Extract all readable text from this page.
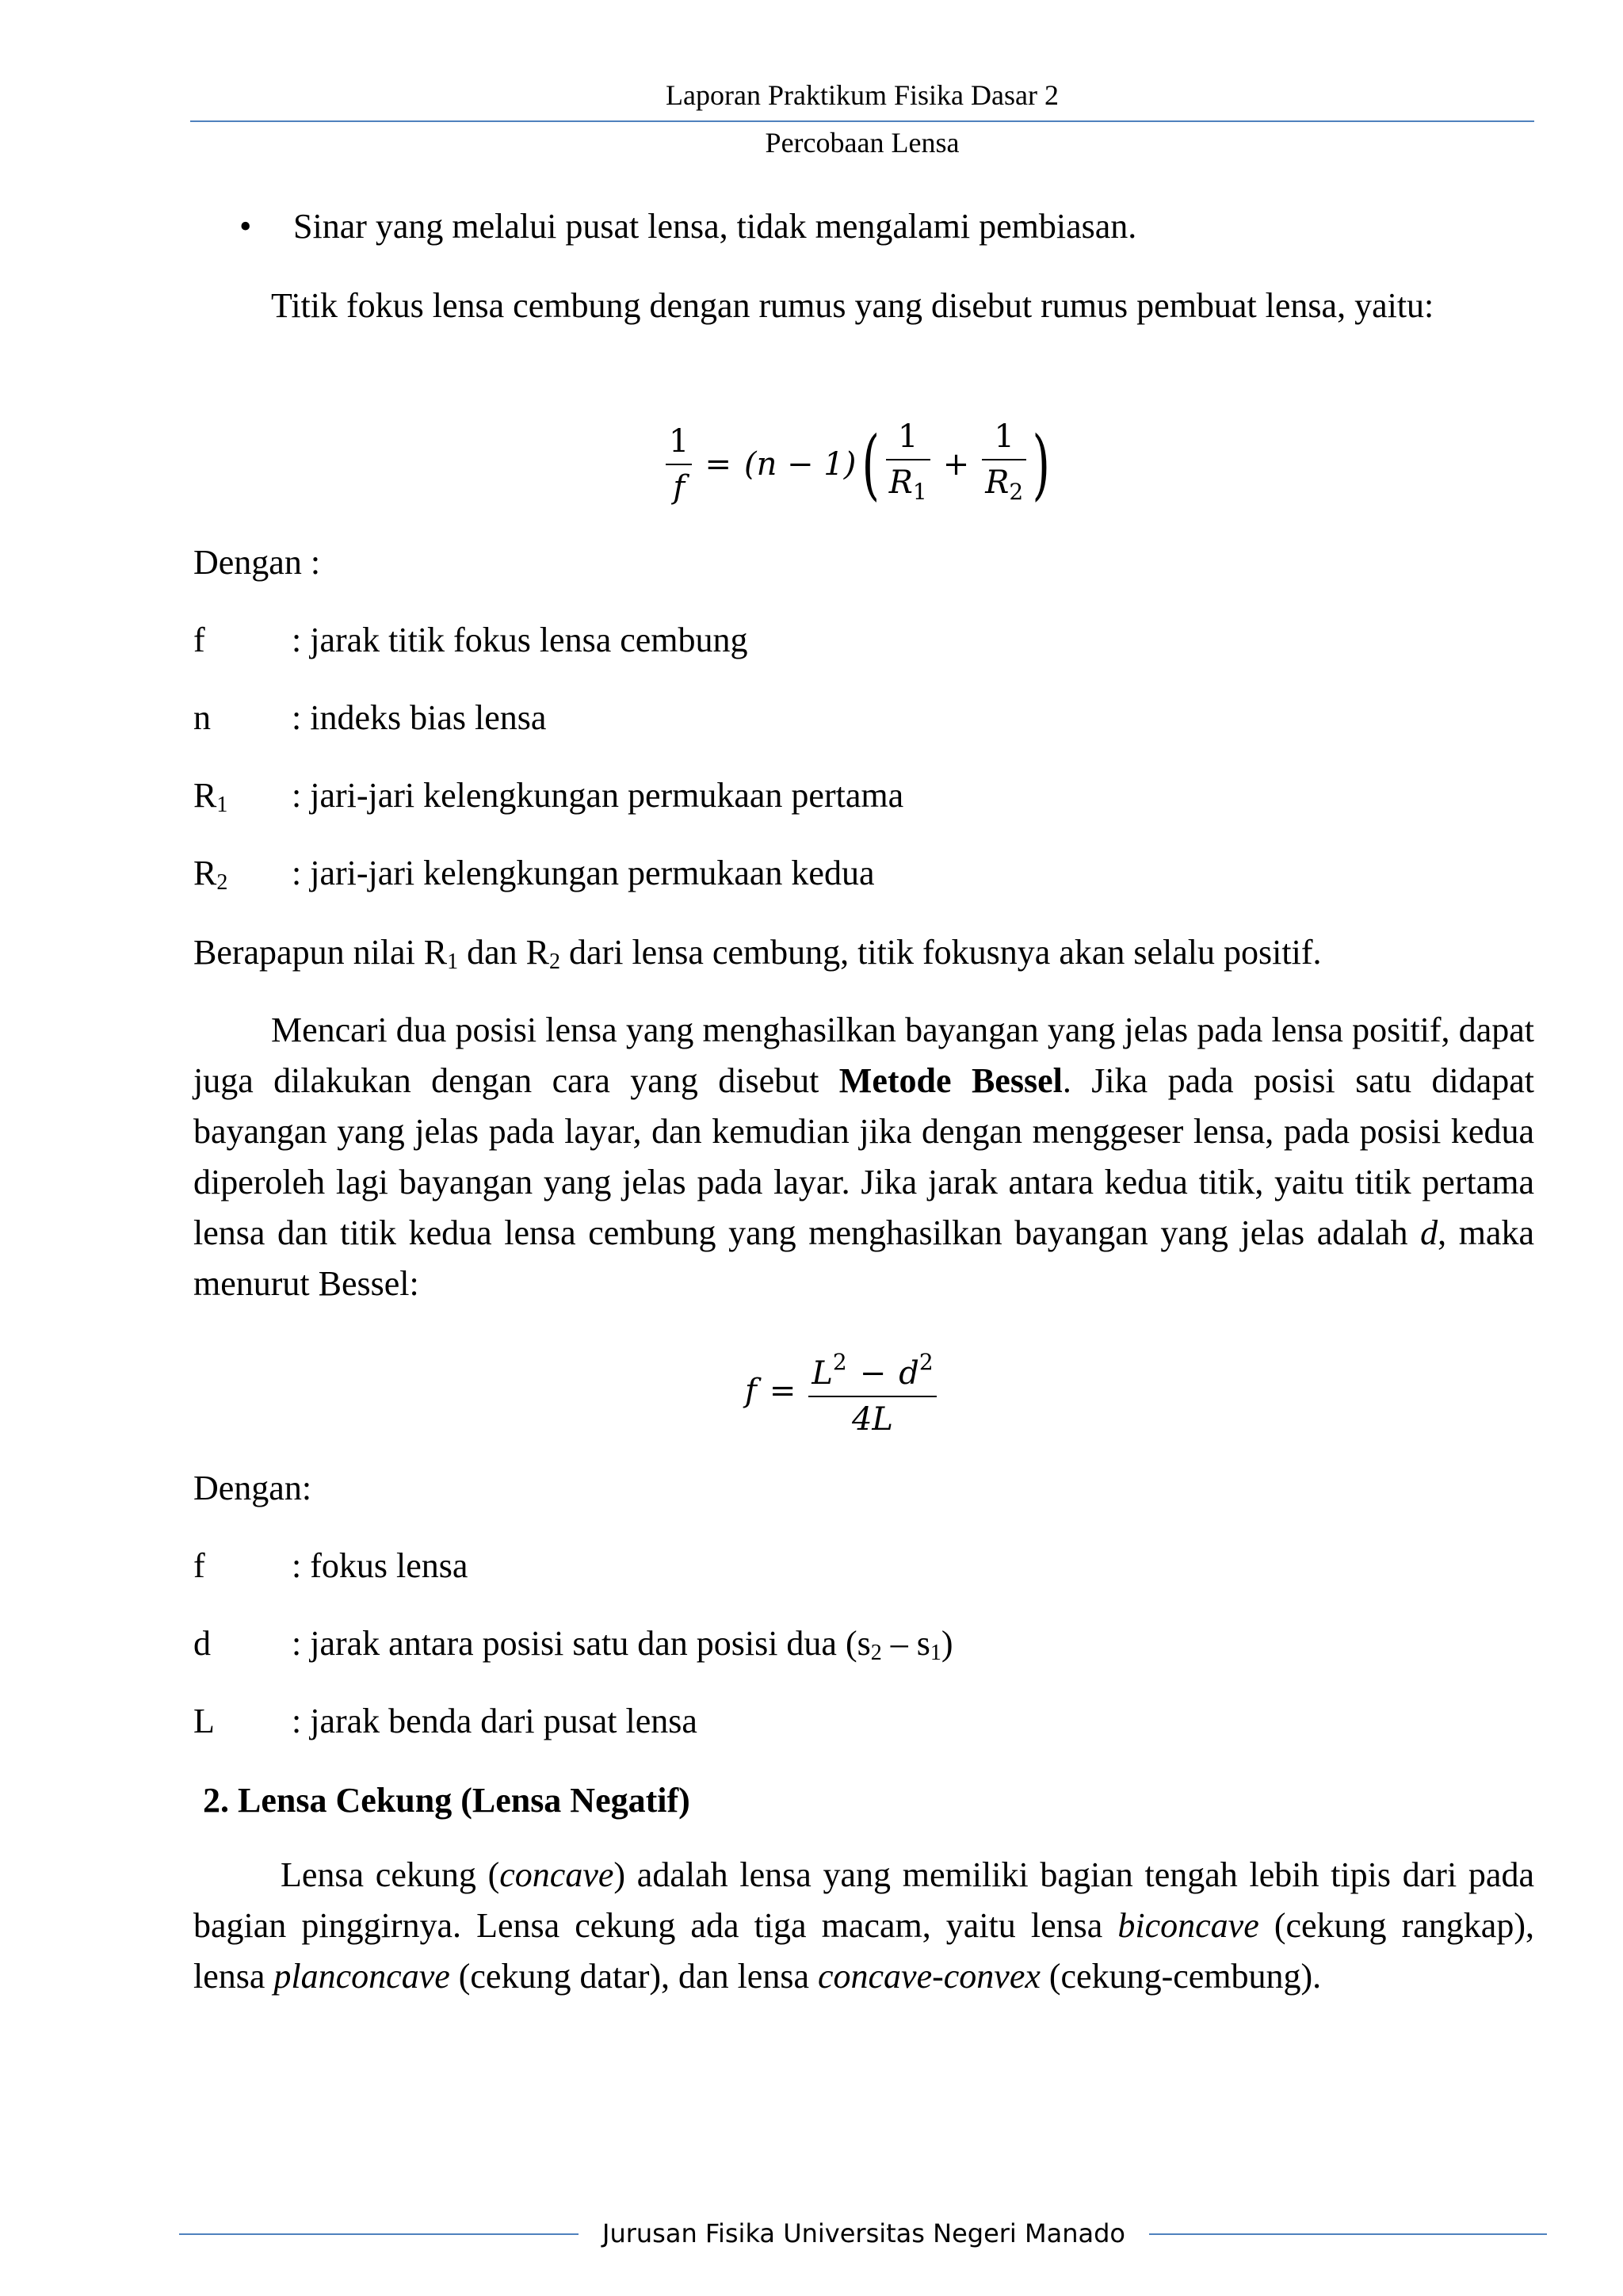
Laporan Praktikum Fisika Dasar 2
Percobaan Lensa
• Sinar yang melalui pusat lensa, tidak mengalami pembiasan.
Titik fokus lensa cembung dengan rumus yang disebut rumus pembuat lensa, yaitu:
$\frac{1}{f} = (n - 1)$ ( $\frac{1}{R_1} + \frac{1}{R_2}$ )
Dengan :
f : jarak titik fokus lensa cembung
n : indeks bias lensa
$R_1$ : jari-jari kelengkungan permukaan pertama
$R_2$ : jari-jari kelengkungan permukaan kedua
Berapapun nilai $R_1$ dan $R_2$ dari lensa cembung, titik fokusnya akan selalu positif.
Mencari dua posisi lensa yang menghasilkan bayangan yang jelas pada lensa positif, dapat juga dilakukan dengan cara yang disebut Metode Bessel. Jika pada posisi satu didapat bayangan yang jelas pada layar, dan kemudian jika dengan menggeser lensa, pada posisi kedua diperoleh lagi bayangan yang jelas pada layar. Jika jarak antara kedua titik, yaitu titik pertama lensa dan titik kedua lensa cembung yang menghasilkan bayangan yang jelas adalah d, maka menurut Bessel:
$f = \frac{L^2 - d^2}{4L}$
Dengan:
f : fokus lensa
d : jarak antara posisi satu dan posisi dua $(s_2 - s_1)$
L : jarak benda dari pusat lensa
2. Lensa Cekung (Lensa Negatif)
Lensa cekung (concave) adalah lensa yang memiliki bagian tengah lebih tipis dari pada bagian pinggirnya. Lensa cekung ada tiga macam, yaitu lensa biconcave (cekung rangkap), lensa planconcave (cekung datar), dan lensa concave-convex (cekung-cembung).
Jurusan Fisika Universitas Negeri Manado
